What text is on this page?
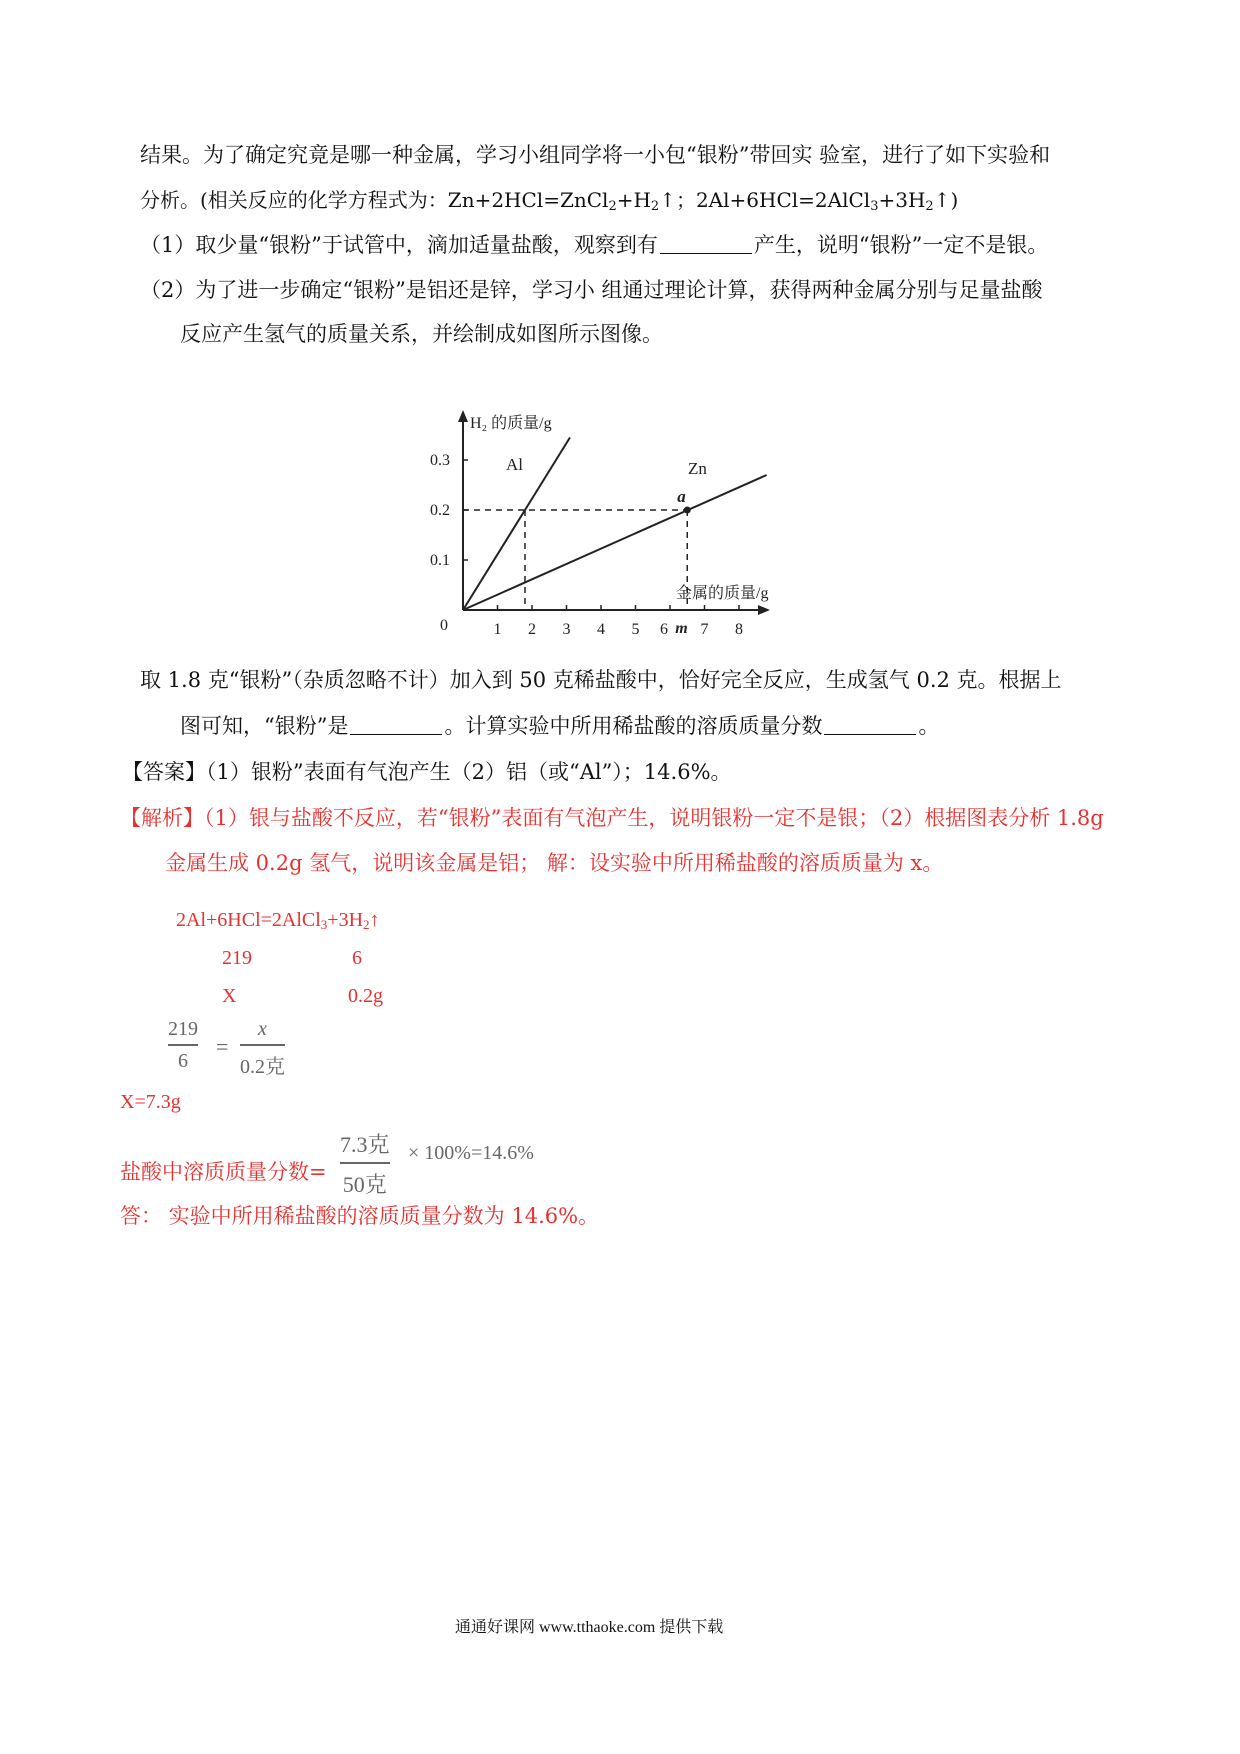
结果。为了确定究竟是哪一种金属，学习小组同学将一小包“银粉”带回实 验室，进行了如下实验和
分析。(相关反应的化学方程式为：$Zn+2HCl=ZnCl_2+H_2↑$；$2Al+6HCl=2AlCl_3+3H_2↑$)
（1）取少量“银粉”于试管中，滴加适量盐酸，观察到有	产生，说明“银粉”一定不是银。
（2）为了进一步确定“银粉”是铝还是锌，学习小 组通过理论计算，获得两种金属分别与足量盐酸
反应产生氢气的质量关系，并绘制成如图所示图像。
H₂ 的质量/g
金属的质量/g
0	1 2 3 4 5 6 7 8
0.1
0.2
0.3	Al	Zn
a
m
取 1.8 克“银粉”（杂质忽略不计）加入到 50 克稀盐酸中，恰好完全反应，生成氢气 0.2 克。根据上
图可知，“银粉”是	。计算实验中所用稀盐酸的溶质质量分数	。
【答案】（1）银粉”表面有气泡产生（2）铝（或“Al”）；14.6%。
【解析】（1）银与盐酸不反应，若“银粉”表面有气泡产生，说明银粉一定不是银；（2）根据图表分析 1.8g
金属生成 0.2g 氢气，说明该金属是铝； 解：设实验中所用稀盐酸的溶质质量为 x。
$2Al+6HCl=2AlCl_3+3H_2↑$
219	6
X	0.2g
219
6
=
x
0.2克
X=7.3g
盐酸中溶质质量分数=
7.3克
50克
× 100%=14.6%
答： 实验中所用稀盐酸的溶质质量分数为 14.6%。
通通好课网 www.tthaoke.com 提供下载
